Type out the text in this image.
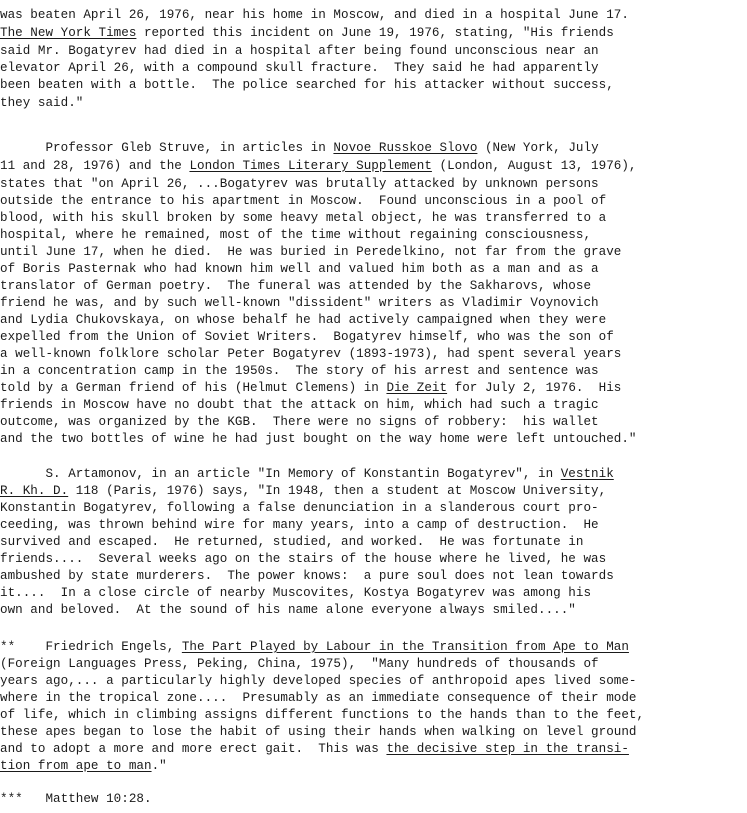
was beaten April 26, 1976, near his home in Moscow, and died in a hospital June 17.
The New York Times reported this incident on June 19, 1976, stating, "His friends
said Mr. Bogatyrev had died in a hospital after being found unconscious near an
elevator April 26, with a compound skull fracture.  They said he had apparently
been beaten with a bottle.  The police searched for his attacker without success,
they said."
Professor Gleb Struve, in articles in Novoe Russkoe Slovo (New York, July
11 and 28, 1976) and the London Times Literary Supplement (London, August 13, 1976),
states that "on April 26, ...Bogatyrev was brutally attacked by unknown persons
outside the entrance to his apartment in Moscow.  Found unconscious in a pool of
blood, with his skull broken by some heavy metal object, he was transferred to a
hospital, where he remained, most of the time without regaining consciousness,
until June 17, when he died.  He was buried in Peredelkino, not far from the grave
of Boris Pasternak who had known him well and valued him both as a man and as a
translator of German poetry.  The funeral was attended by the Sakharovs, whose
friend he was, and by such well-known "dissident" writers as Vladimir Voynovich
and Lydia Chukovskaya, on whose behalf he had actively campaigned when they were
expelled from the Union of Soviet Writers.  Bogatyrev himself, who was the son of
a well-known folklore scholar Peter Bogatyrev (1893-1973), had spent several years
in a concentration camp in the 1950s.  The story of his arrest and sentence was
told by a German friend of his (Helmut Clemens) in Die Zeit for July 2, 1976.  His
friends in Moscow have no doubt that the attack on him, which had such a tragic
outcome, was organized by the KGB.  There were no signs of robbery:  his wallet
and the two bottles of wine he had just bought on the way home were left untouched."
S. Artamonov, in an article "In Memory of Konstantin Bogatyrev", in Vestnik
R. Kh. D. 118 (Paris, 1976) says, "In 1948, then a student at Moscow University,
Konstantin Bogatyrev, following a false denunciation in a slanderous court pro-
ceeding, was thrown behind wire for many years, into a camp of destruction.  He
survived and escaped.  He returned, studied, and worked.  He was fortunate in
friends....  Several weeks ago on the stairs of the house where he lived, he was
ambushed by state murderers.  The power knows:  a pure soul does not lean towards
it....  In a close circle of nearby Muscovites, Kostya Bogatyrev was among his
own and beloved.  At the sound of his name alone everyone always smiled...."
**    Friedrich Engels, The Part Played by Labour in the Transition from Ape to Man
(Foreign Languages Press, Peking, China, 1975),  "Many hundreds of thousands of
years ago,... a particularly highly developed species of anthropoid apes lived some-
where in the tropical zone....  Presumably as an immediate consequence of their mode
of life, which in climbing assigns different functions to the hands than to the feet,
these apes began to lose the habit of using their hands when walking on level ground
and to adopt a more and more erect gait.  This was the decisive step in the transi-
tion from ape to man."
***   Matthew 10:28.
